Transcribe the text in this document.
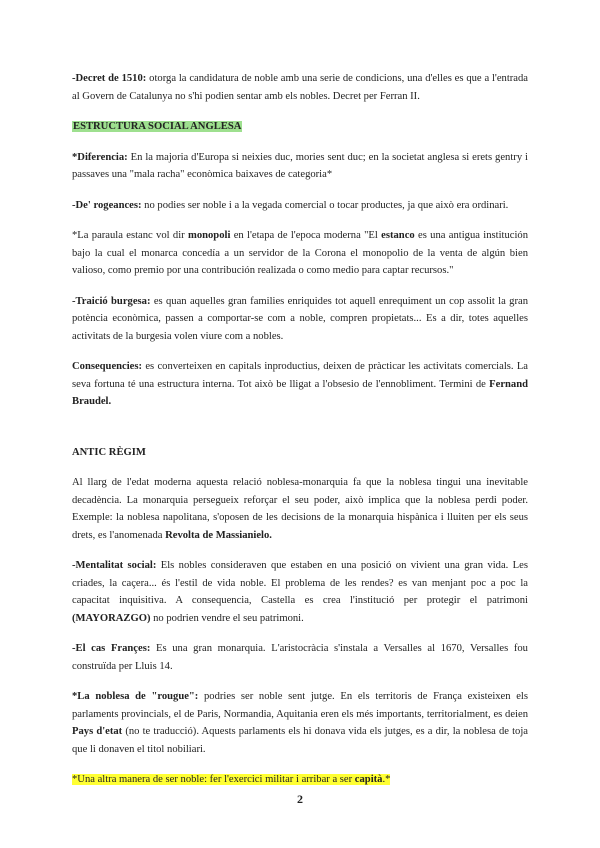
-Decret de 1510: otorga la candidatura de noble amb una serie de condicions, una d'elles es que a l'entrada al Govern de Catalunya no s'hi podien sentar amb els nobles. Decret per Ferran II.

ESTRUCTURA SOCIAL ANGLESA

*Diferencia: En la majoria d'Europa si neixies duc, mories sent duc; en la societat anglesa si erets gentry i passaves una "mala racha" econòmica baixaves de categoria*

-De' rogeances: no podies ser noble i a la vegada comercial o tocar productes, ja que això era ordinari.

*La paraula estanc vol dir monopoli en l'etapa de l'epoca moderna "El estanco es una antigua institución bajo la cual el monarca concedía a un servidor de la Corona el monopolio de la venta de algún bien valioso, como premio por una contribución realizada o como medio para captar recursos."

-Traició burgesa: es quan aquelles gran families enriquides tot aquell enrequiment un cop assolit la gran potència econòmica, passen a comportar-se com a noble, compren propietats... Es a dir, totes aquelles activitats de la burgesia volen viure com a nobles.

Consequencies: es converteixen en capitals inproductius, deixen de pràcticar les activitats comercials. La seva fortuna té una estructura interna. Tot això be lligat a l'obsesio de l'ennobliment. Termini de Fernand Braudel.

ANTIC RÈGIM

Al llarg de l'edat moderna aquesta relació noblesa-monarquia fa que la noblesa tingui una inevitable decadència. La monarquia persegueix reforçar el seu poder, això implica que la noblesa perdi poder. Exemple: la noblesa napolitana, s'oposen de les decisions de la monarquia hispànica i lluiten per els seus drets, es l'anomenada Revolta de Massianielo.

-Mentalitat social: Els nobles consideraven que estaben en una posició on vivient una gran vida. Les criades, la caçera... és l'estil de vida noble. El problema de les rendes? es van menjant poc a poc la capacitat inquisitiva. A consequencia, Castella es crea l'institució per protegir el patrimoni (MAYORAZGO) no podrien vendre el seu patrimoni.

-El cas Françes: Es una gran monarquia. L'aristocràcia s'instala a Versalles al 1670, Versalles fou construïda per Lluis 14.

*La noblesa de "rougue": podries ser noble sent jutge. En els territoris de França existeixen els parlaments provincials, el de Paris, Normandia, Aquitania eren els més importants, territorialment, es deien Pays d'etat (no te traducció). Aquests parlaments els hi donava vida els jutges, es a dir, la noblesa de toja que li donaven el titol nobiliari.

*Una altra manera de ser noble: fer l'exercici militar i arribar a ser capità.*

2
